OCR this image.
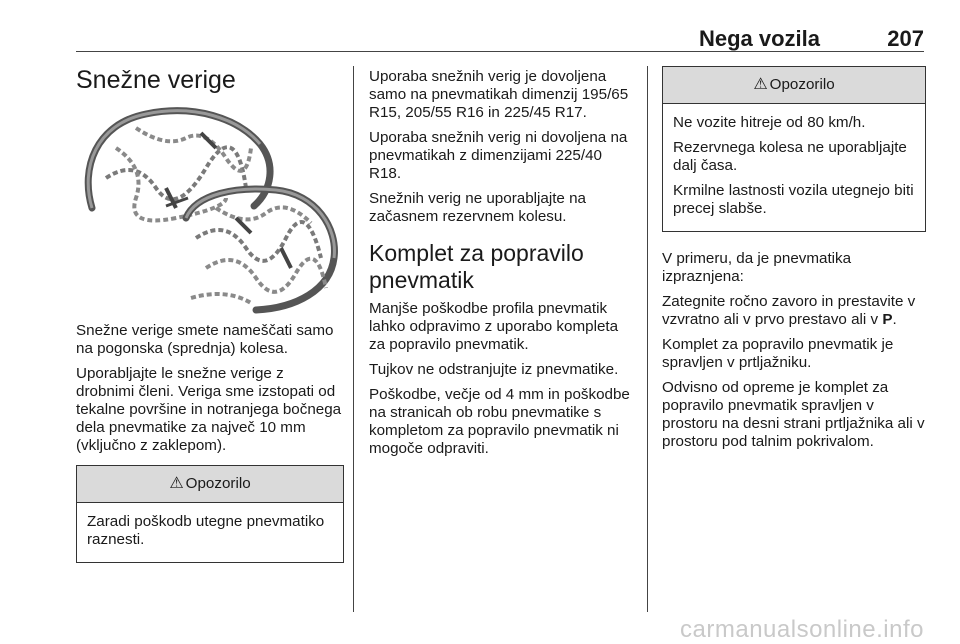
Nega vozila	207
Snežne verige

Snežne verige smete nameščati samo na pogonska (sprednja) kolesa.

Uporabljajte le snežne verige z drobnimi členi. Veriga sme izstopati od tekalne površine in notranjega bočnega dela pnevmatike za največ 10 mm (vključno z zaklepom).

⚠ Opozorilo

Zaradi poškodb utegne pnevmatiko raznesti.

Uporaba snežnih verig je dovoljena samo na pnevmatikah dimenzij 195/65 R15, 205/55 R16 in 225/45 R17.

Uporaba snežnih verig ni dovoljena na pnevmatikah z dimenzijami 225/40 R18.

Snežnih verig ne uporabljajte na začasnem rezervnem kolesu.

Komplet za popravilo pnevmatik

Manjše poškodbe profila pnevmatik lahko odpravimo z uporabo kompleta za popravilo pnevmatik.

Tujkov ne odstranjujte iz pnevmatike.

Poškodbe, večje od 4 mm in poškodbe na stranicah ob robu pnevmatike s kompletom za popravilo pnevmatik ni mogoče odpraviti.

⚠ Opozorilo

Ne vozite hitreje od 80 km/h.

Rezervnega kolesa ne uporabljajte dalj časa.

Krmilne lastnosti vozila utegnejo biti precej slabše.

V primeru, da je pnevmatika izpraznjena:

Zategnite ročno zavoro in prestavite v vzvratno ali v prvo prestavo ali v P.

Komplet za popravilo pnevmatik je spravljen v prtljažniku.

Odvisno od opreme je komplet za popravilo pnevmatik spravljen v prostoru na desni strani prtljažnika ali v prostoru pod talnim pokrivalom.

carmanualsonline.info
